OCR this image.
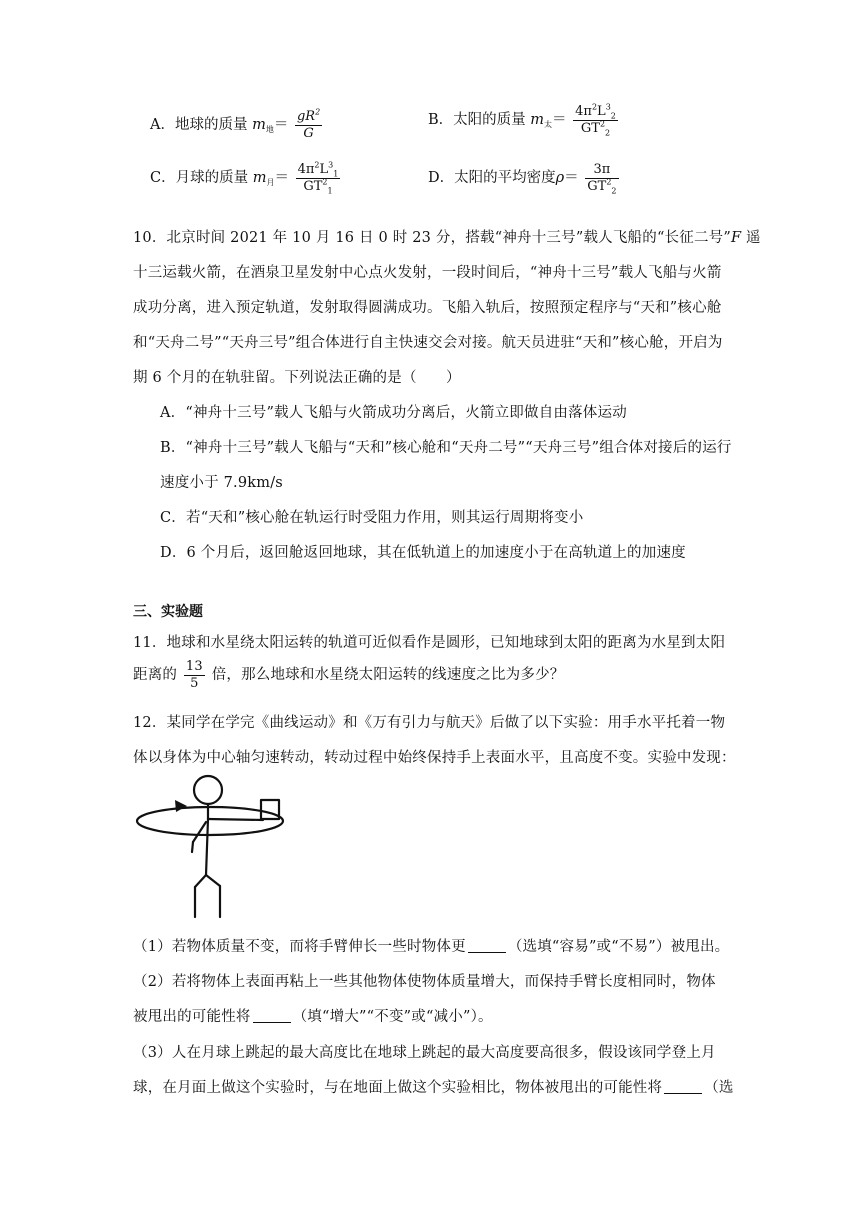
A．地球的质量 $m_地= \frac{gR^2}{G}$	B．太阳的质量 $m_太= \frac{4\pi^2L^3_2}{GT^2_2}$
C．月球的质量 $m_月= \frac{4\pi^2L^3_1}{GT^2_1}$	D．太阳的平均密度$\rho= \frac{3\pi}{GT^2_2}$
10．北京时间 2021 年 10 月 16 日 0 时 23 分，搭载“神舟十三号”载人飞船的“长征二号”F 遥
十三运载火箭，在酒泉卫星发射中心点火发射，一段时间后，“神舟十三号”载人飞船与火箭
成功分离，进入预定轨道，发射取得圆满成功。飞船入轨后，按照预定程序与“天和”核心舱
和“天舟二号”“天舟三号”组合体进行自主快速交会对接。航天员进驻“天和”核心舱，开启为
期 6 个月的在轨驻留。下列说法正确的是（　　）
A．“神舟十三号”载人飞船与火箭成功分离后，火箭立即做自由落体运动
B．“神舟十三号”载人飞船与“天和”核心舱和“天舟二号”“天舟三号”组合体对接后的运行
速度小于 7.9km/s
C．若“天和”核心舱在轨运行时受阻力作用，则其运行周期将变小
D．6 个月后，返回舱返回地球，其在低轨道上的加速度小于在高轨道上的加速度
三、实验题
11．地球和水星绕太阳运转的轨道可近似看作是圆形，已知地球到太阳的距离为水星到太阳
距离的 $\frac{13}{5}$ 倍，那么地球和水星绕太阳运转的线速度之比为多少？
12．某同学在学完《曲线运动》和《万有引力与航天》后做了以下实验：用手水平托着一物
体以身体为中心轴匀速转动，转动过程中始终保持手上表面水平，且高度不变。实验中发现：
（1）若物体质量不变，而将手臂伸长一些时物体更	（选填“容易”或“不易”）被甩出。
（2）若将物体上表面再粘上一些其他物体使物体质量增大，而保持手臂长度相同时，物体
被甩出的可能性将	（填“增大”“不变”或“减小”）。
（3）人在月球上跳起的最大高度比在地球上跳起的最大高度要高很多，假设该同学登上月
球，在月面上做这个实验时，与在地面上做这个实验相比，物体被甩出的可能性将	（选
